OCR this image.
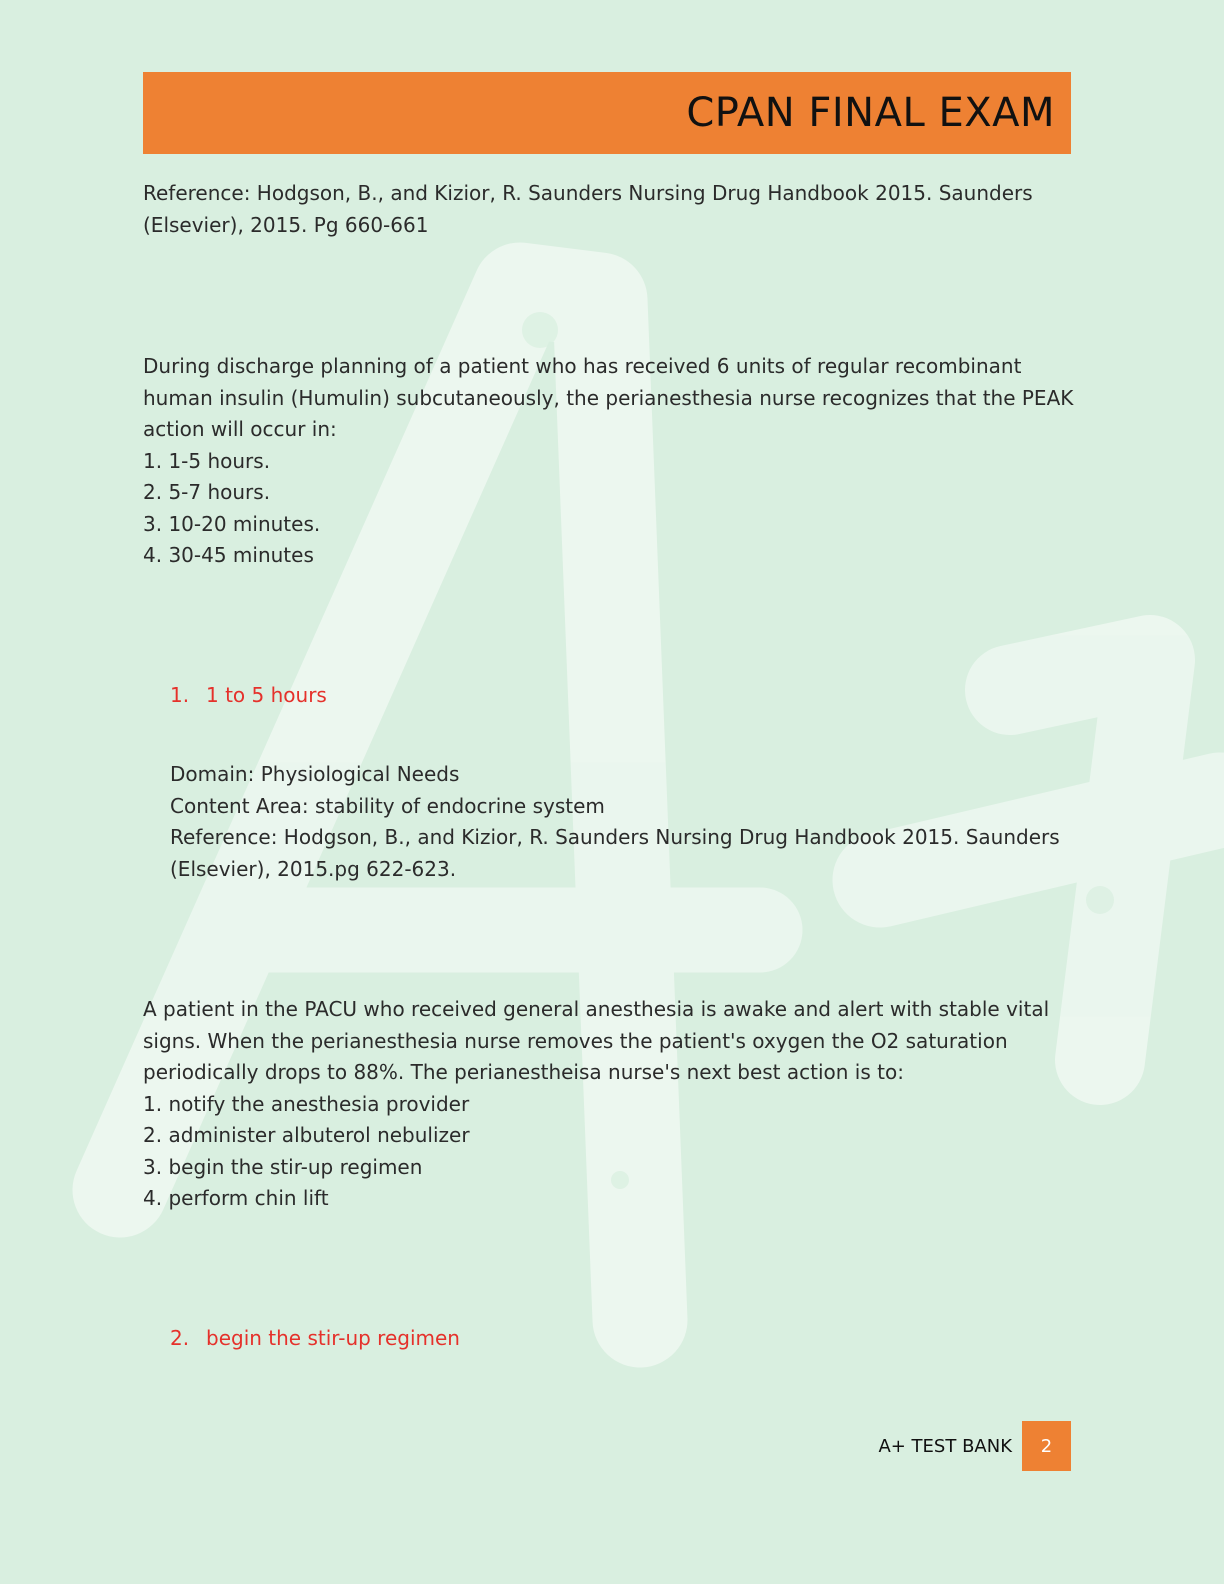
CPAN FINAL EXAM

Reference: Hodgson, B., and Kizior, R. Saunders Nursing Drug Handbook 2015. Saunders

(Elsevier), 2015. Pg 660-661

During discharge planning of a patient who has received 6 units of regular recombinant

human insulin (Humulin) subcutaneously, the perianesthesia nurse recognizes that the PEAK

action will occur in:

1. 1-5 hours.

2. 5-7 hours.

3. 10-20 minutes.

4. 30-45 minutes

1. 1 to 5 hours

Domain: Physiological Needs

Content Area: stability of endocrine system

Reference: Hodgson, B., and Kizior, R. Saunders Nursing Drug Handbook 2015. Saunders

(Elsevier), 2015.pg 622-623.

A patient in the PACU who received general anesthesia is awake and alert with stable vital

signs. When the perianesthesia nurse removes the patient's oxygen the O2 saturation

periodically drops to 88%. The perianestheisa nurse's next best action is to:

1. notify the anesthesia provider

2. administer albuterol nebulizer

3. begin the stir-up regimen

4. perform chin lift

2. begin the stir-up regimen
A+ TEST BANK 2
